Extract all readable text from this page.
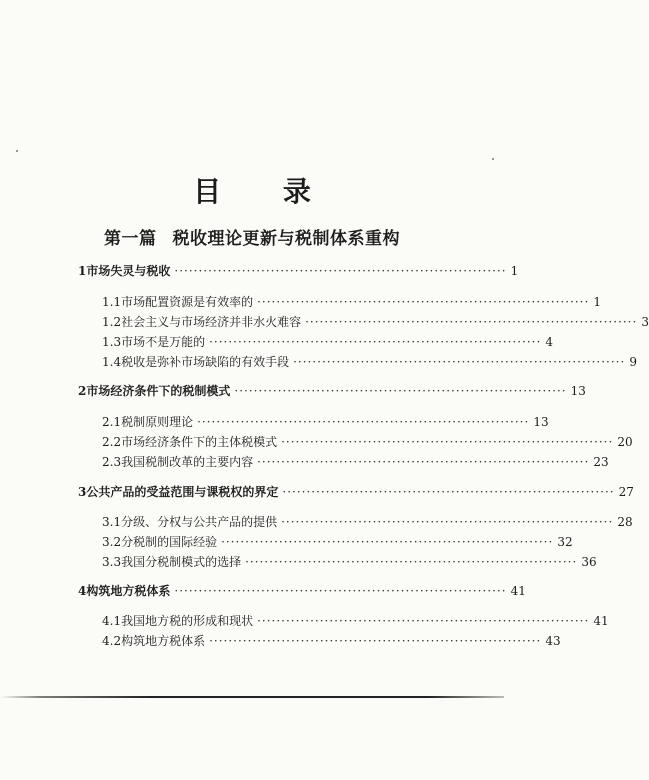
目 录
第一篇 税收理论更新与税制体系重构
1 市场失灵与税收 ····································································· 1
1.1 市场配置资源是有效率的 ····································································· 1
1.2 社会主义与市场经济并非水火难容 ····································································· 3
1.3 市场不是万能的 ····································································· 4
1.4 税收是弥补市场缺陷的有效手段 ····································································· 9
2 市场经济条件下的税制模式 ····································································· 13
2.1 税制原则理论 ····································································· 13
2.2 市场经济条件下的主体税模式 ····································································· 20
2.3 我国税制改革的主要内容 ····································································· 23
3 公共产品的受益范围与课税权的界定 ····································································· 27
3.1 分级、分权与公共产品的提供 ····································································· 28
3.2 分税制的国际经验 ····································································· 32
3.3 我国分税制模式的选择 ····································································· 36
4 构筑地方税体系 ····································································· 41
4.1 我国地方税的形成和现状 ····································································· 41
4.2 构筑地方税体系 ····································································· 43
